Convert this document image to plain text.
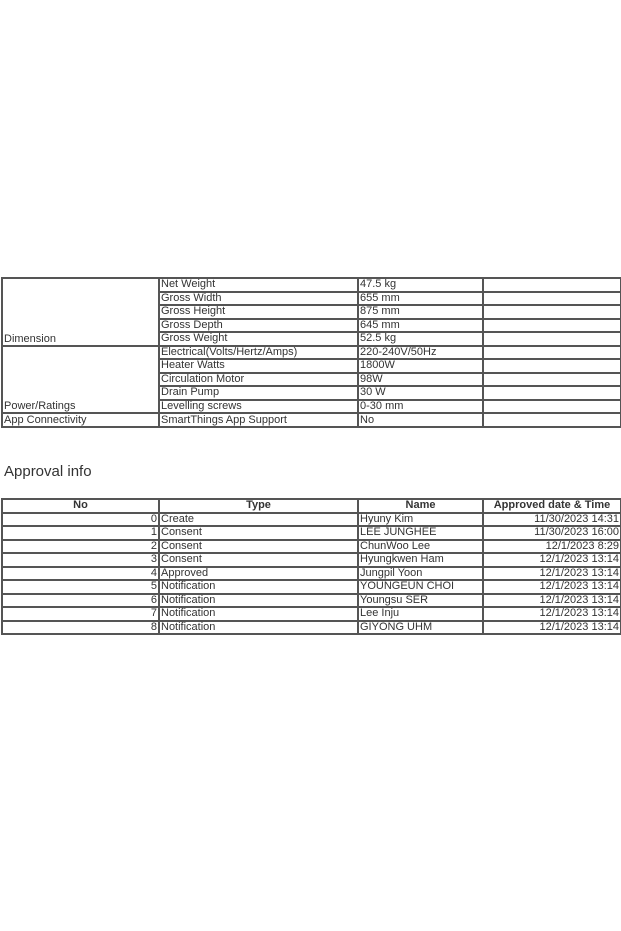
Dimension	Net Weight	47.5 kg	
	Gross Width	655 mm	
	Gross Height	875 mm	
	Gross Depth	645 mm	
	Gross Weight	52.5 kg	
Power/Ratings	Electrical(Volts/Hertz/Amps)	220-240V/50Hz	
	Heater Watts	1800W	
	Circulation Motor	98W	
	Drain Pump	30 W	
	Levelling screws	0-30 mm	
App Connectivity	SmartThings App Support	No	
Approval info
No	Type	Name	Approved date & Time
0	Create	Hyuny Kim	11/30/2023 14:31
1	Consent	LEE JUNGHEE	11/30/2023 16:00
2	Consent	ChunWoo Lee	12/1/2023 8:29
3	Consent	Hyungkwen Ham	12/1/2023 13:14
4	Approved	Jungpil Yoon	12/1/2023 13:14
5	Notification	YOUNGEUN CHOI	12/1/2023 13:14
6	Notification	Youngsu SER	12/1/2023 13:14
7	Notification	Lee Inju	12/1/2023 13:14
8	Notification	GIYONG UHM	12/1/2023 13:14
